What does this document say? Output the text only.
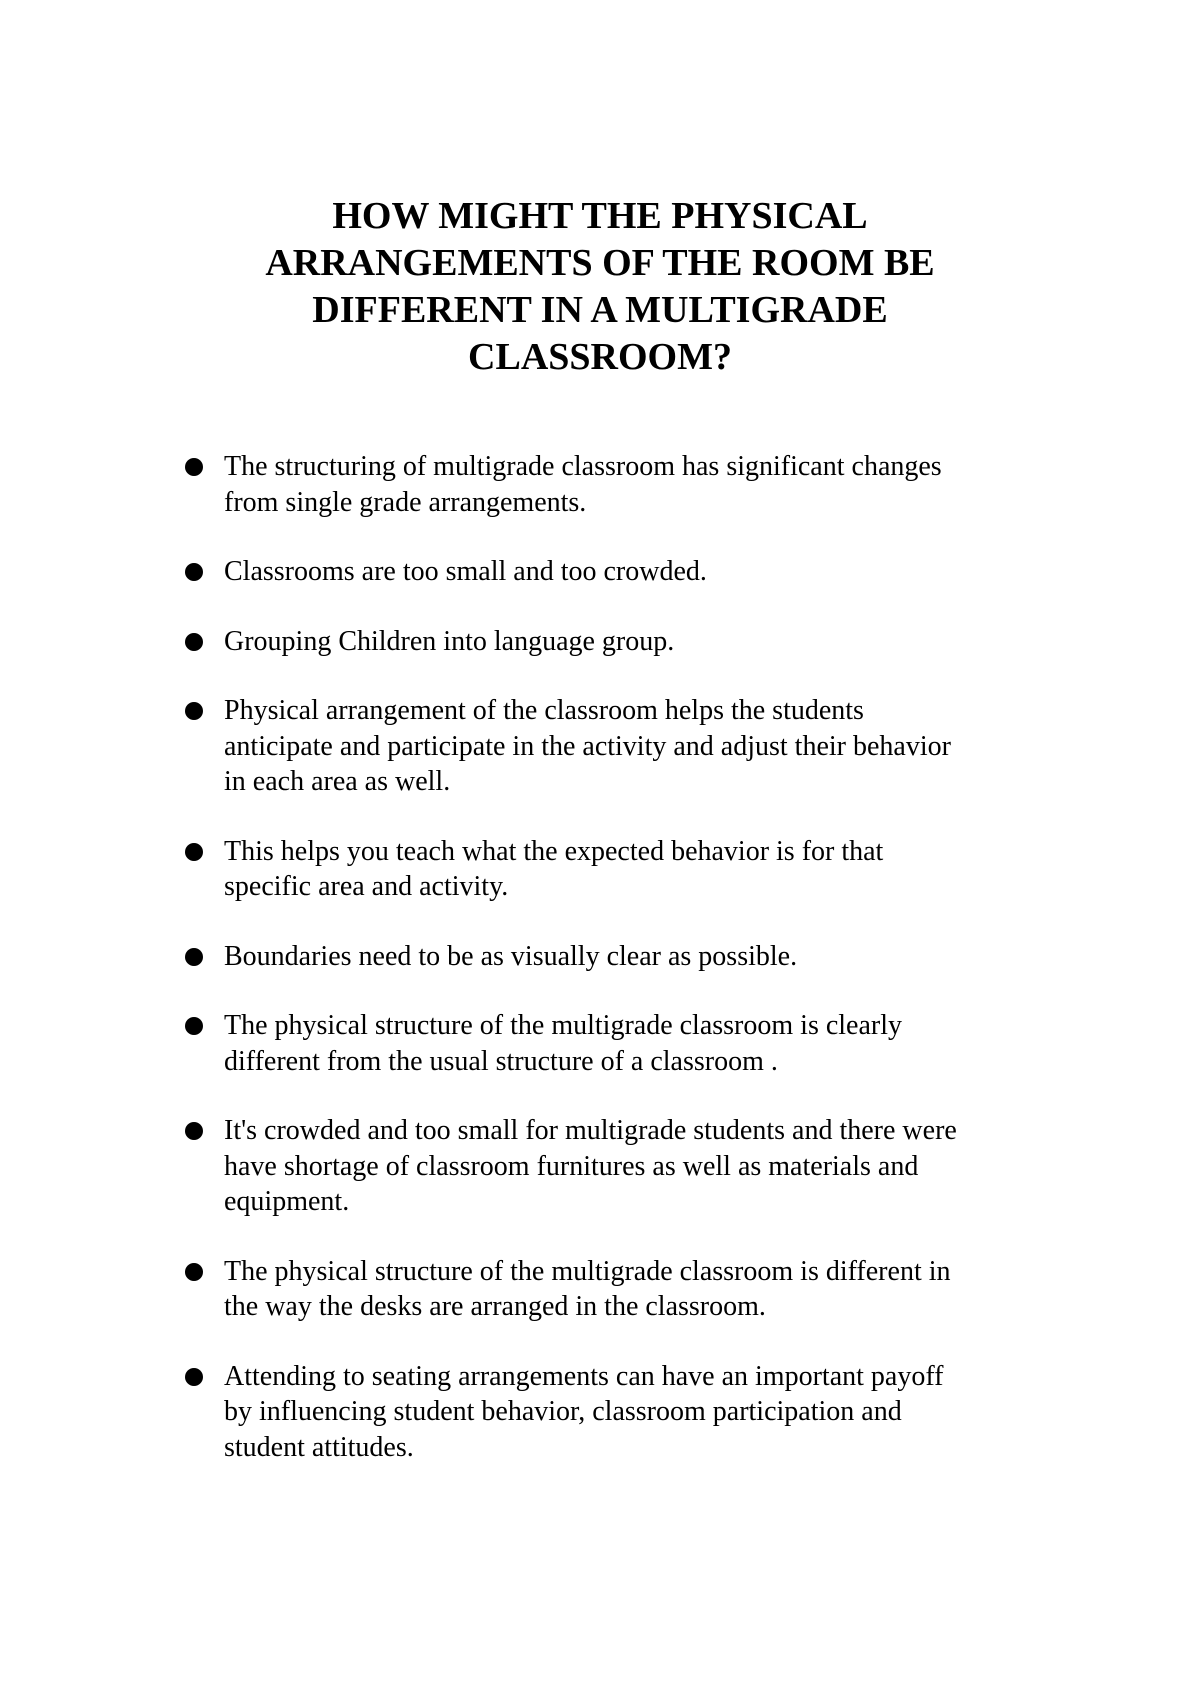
HOW MIGHT THE PHYSICAL
ARRANGEMENTS OF THE ROOM BE
DIFFERENT IN A MULTIGRADE
CLASSROOM?
The structuring of multigrade classroom has significant changes
from single grade arrangements.
Classrooms are too small and too crowded.
Grouping Children into language group.
Physical arrangement of the classroom helps the students
anticipate and participate in the activity and adjust their behavior
in each area as well.
This helps you teach what the expected behavior is for that
specific area and activity.
Boundaries need to be as visually clear as possible.
The physical structure of the multigrade classroom is clearly
different from the usual structure of a classroom .
It's crowded and too small for multigrade students and there were
have shortage of classroom furnitures as well as materials and
equipment.
The physical structure of the multigrade classroom is different in
the way the desks are arranged in the classroom.
Attending to seating arrangements can have an important payoff
by influencing student behavior, classroom participation and
student attitudes.
